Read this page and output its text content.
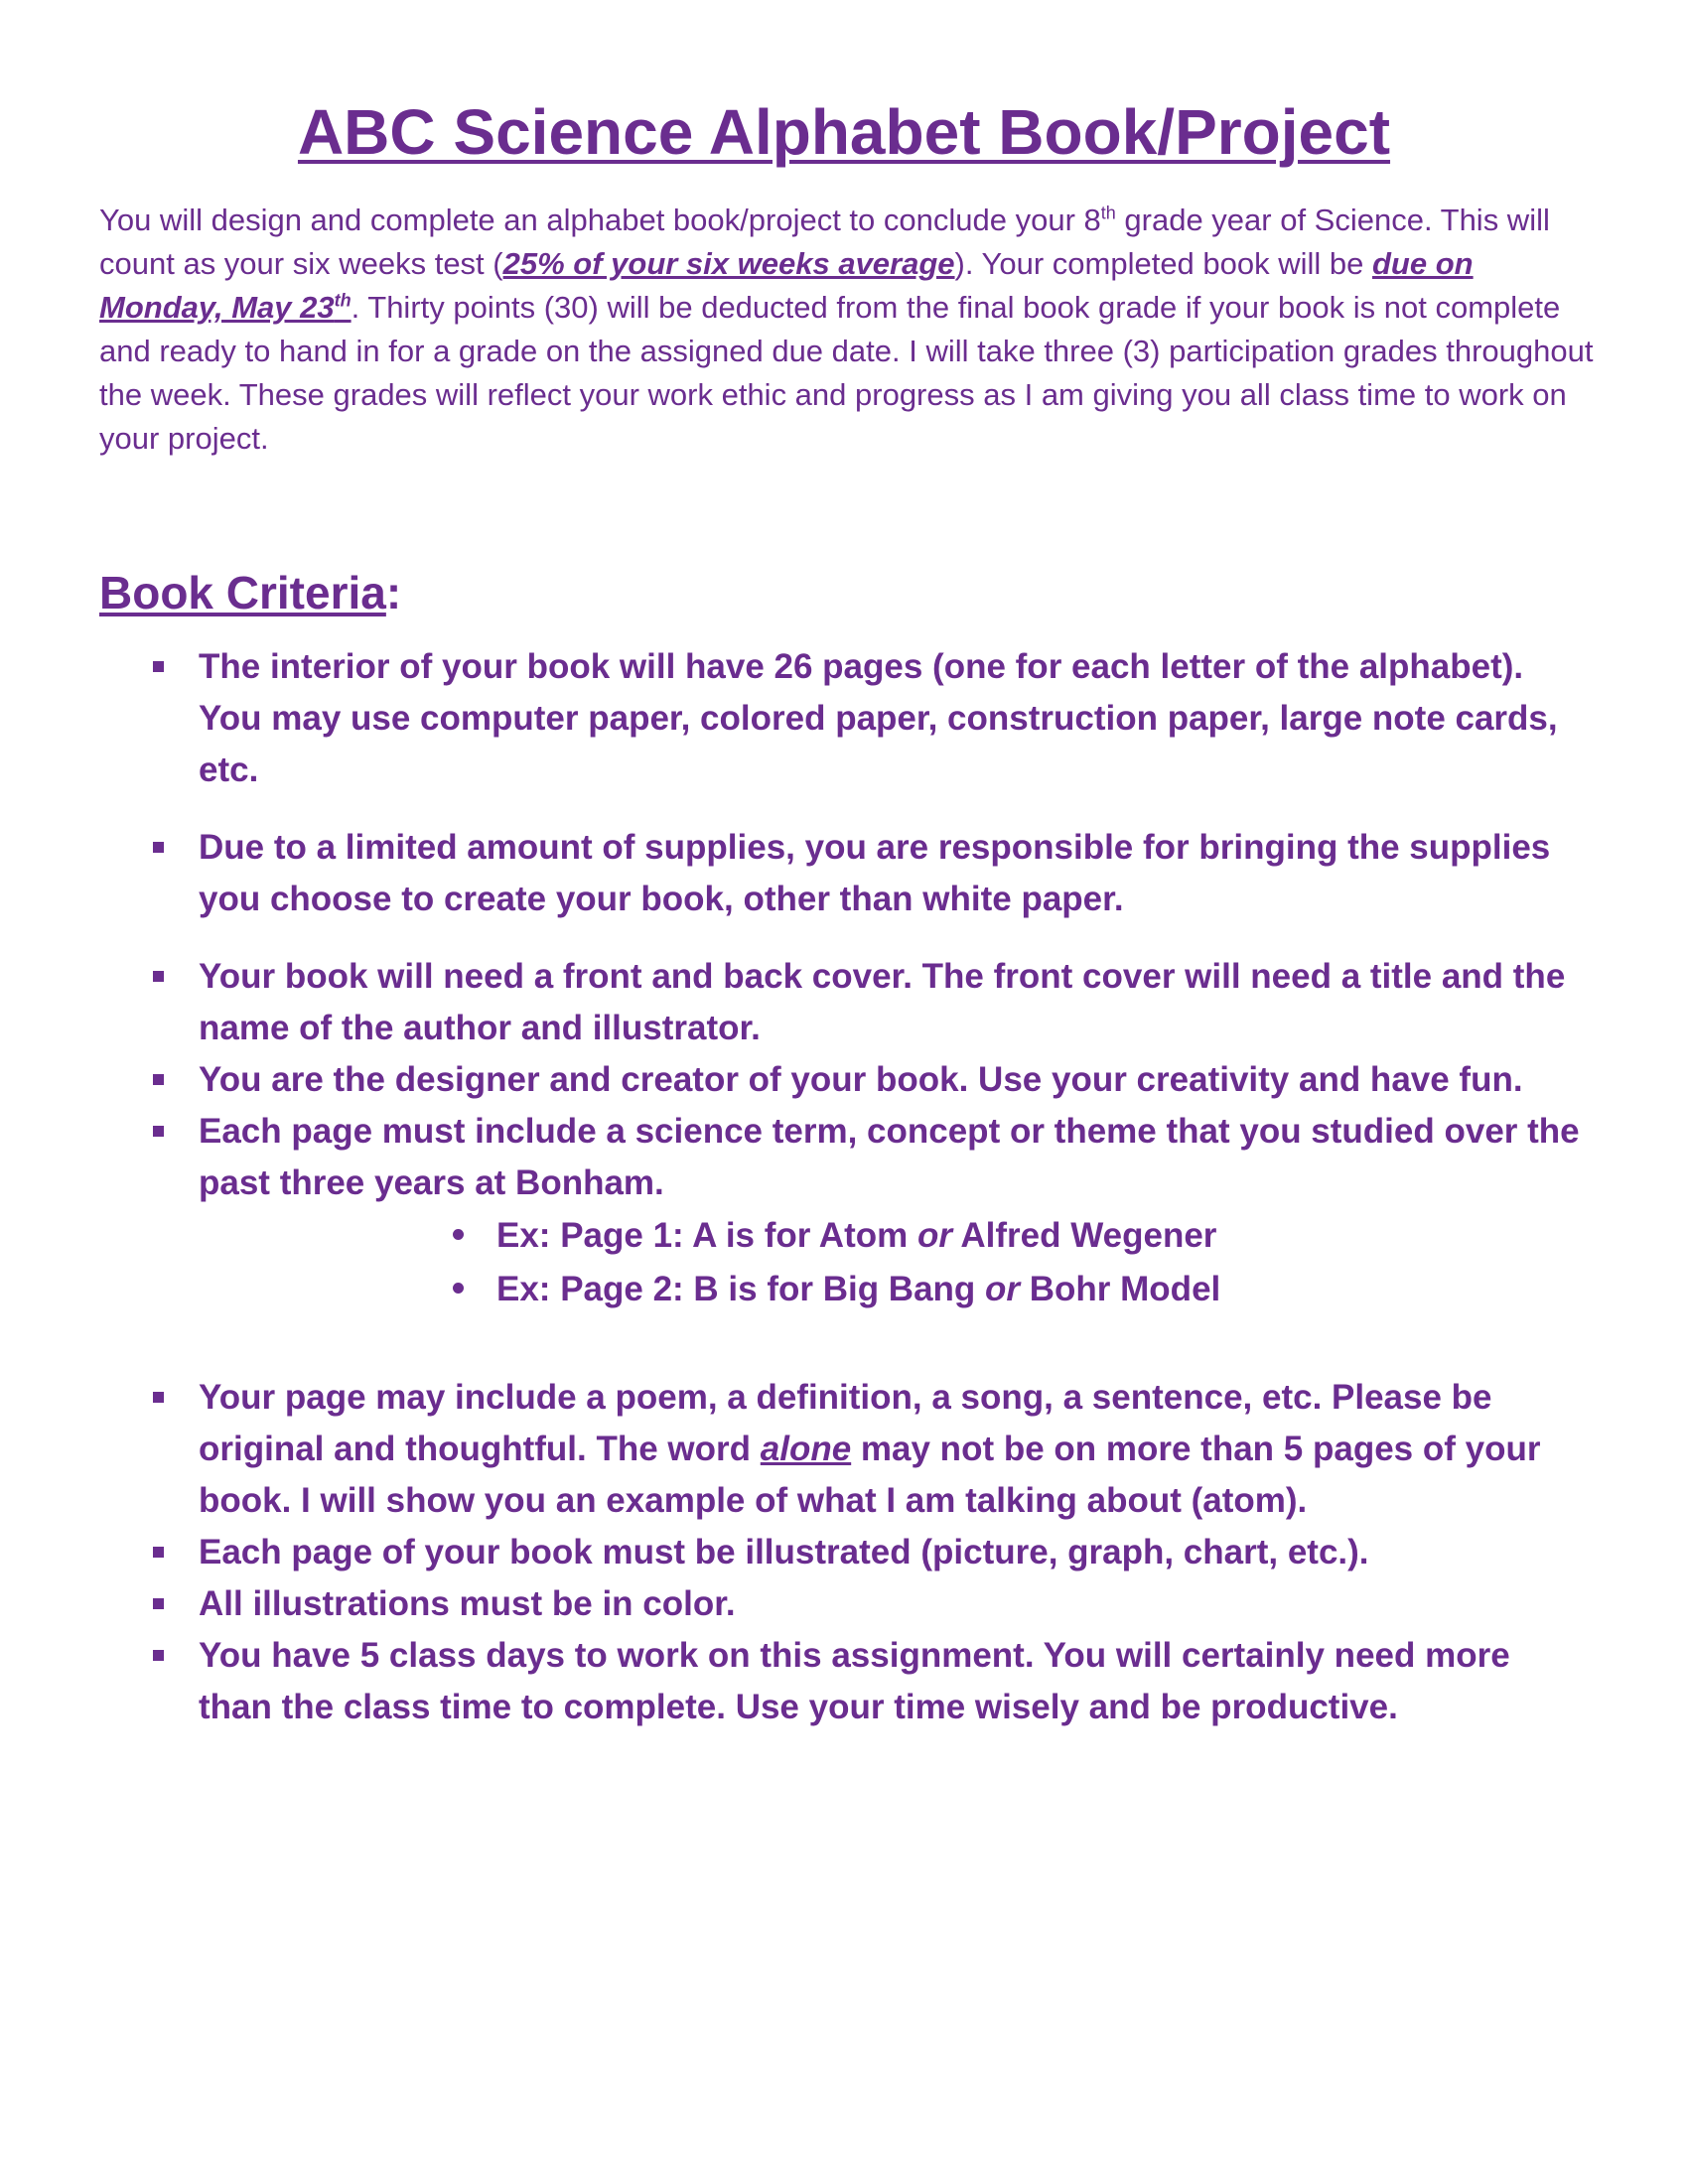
ABC Science Alphabet Book/Project

You will design and complete an alphabet book/project to conclude your 8th grade year of Science. This will count as your six weeks test (25% of your six weeks average). Your completed book will be due on Monday, May 23th. Thirty points (30) will be deducted from the final book grade if your book is not complete and ready to hand in for a grade on the assigned due date. I will take three (3) participation grades throughout the week. These grades will reflect your work ethic and progress as I am giving you all class time to work on your project.

Book Criteria:
The interior of your book will have 26 pages (one for each letter of the alphabet). You may use computer paper, colored paper, construction paper, large note cards, etc.
Due to a limited amount of supplies, you are responsible for bringing the supplies you choose to create your book, other than white paper.
Your book will need a front and back cover. The front cover will need a title and the name of the author and illustrator.
You are the designer and creator of your book. Use your creativity and have fun.
Each page must include a science term, concept or theme that you studied over the past three years at Bonham.
Ex: Page 1: A is for Atom or Alfred Wegener
Ex: Page 2: B is for Big Bang or Bohr Model
Your page may include a poem, a definition, a song, a sentence, etc. Please be original and thoughtful. The word alone may not be on more than 5 pages of your book. I will show you an example of what I am talking about (atom).
Each page of your book must be illustrated (picture, graph, chart, etc.).
All illustrations must be in color.
You have 5 class days to work on this assignment. You will certainly need more than the class time to complete. Use your time wisely and be productive.
